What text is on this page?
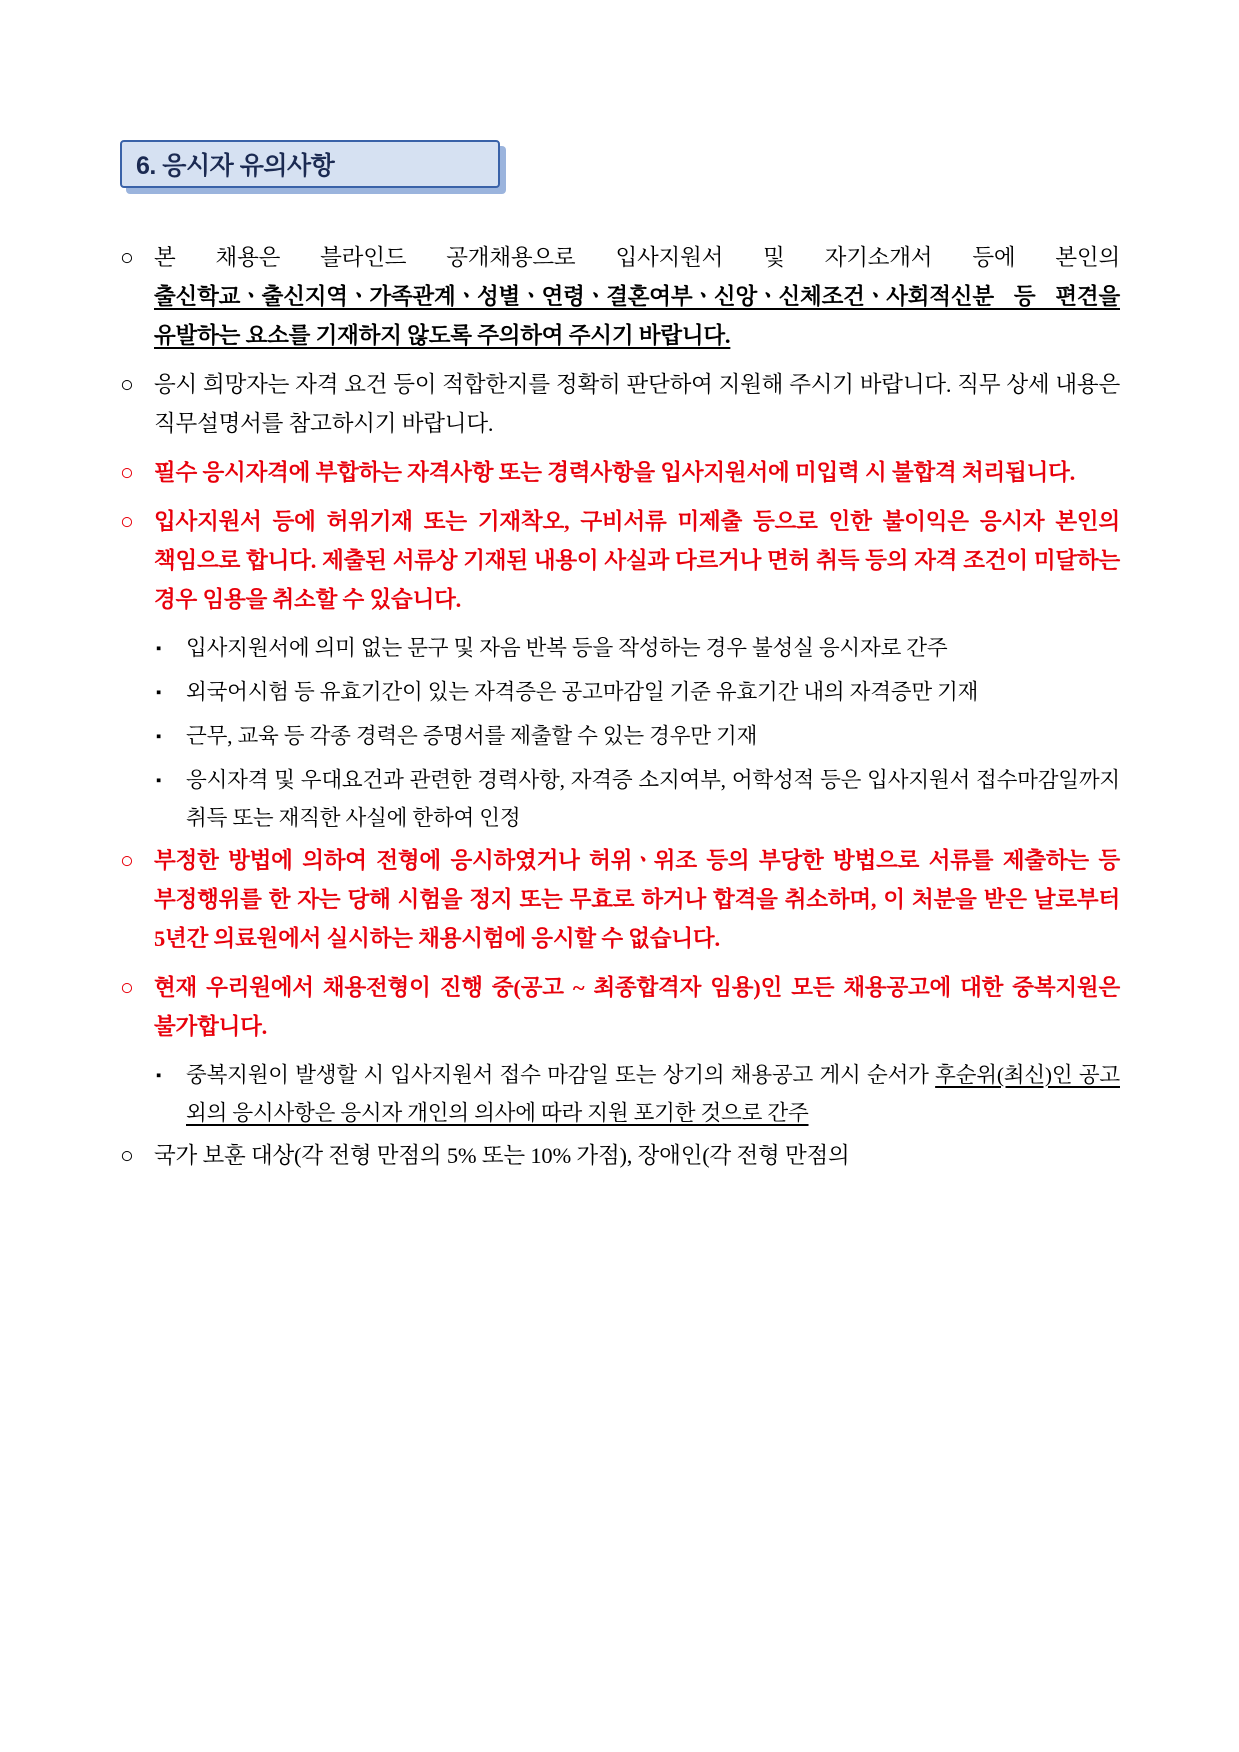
6. 응시자 유의사항
○ 본 채용은 블라인드 공개채용으로 입사지원서 및 자기소개서 등에 본인의 출신학교ㆍ출신지역ㆍ가족관계ㆍ성별ㆍ연령ㆍ결혼여부ㆍ신앙ㆍ신체조건ㆍ사회적신분 등 편견을 유발하는 요소를 기재하지 않도록 주의하여 주시기 바랍니다.
○ 응시 희망자는 자격 요건 등이 적합한지를 정확히 판단하여 지원해 주시기 바랍니다. 직무 상세 내용은 직무설명서를 참고하시기 바랍니다.
○ 필수 응시자격에 부합하는 자격사항 또는 경력사항을 입사지원서에 미입력 시 불합격 처리됩니다.
○ 입사지원서 등에 허위기재 또는 기재착오, 구비서류 미제출 등으로 인한 불이익은 응시자 본인의 책임으로 합니다. 제출된 서류상 기재된 내용이 사실과 다르거나 면허 취득 등의 자격 조건이 미달하는 경우 임용을 취소할 수 있습니다.
▪	입사지원서에 의미 없는 문구 및 자음 반복 등을 작성하는 경우 불성실 응시자로 간주
▪	외국어시험 등 유효기간이 있는 자격증은 공고마감일 기준 유효기간 내의 자격증만 기재
▪	근무, 교육 등 각종 경력은 증명서를 제출할 수 있는 경우만 기재
▪	응시자격 및 우대요건과 관련한 경력사항, 자격증 소지여부, 어학성적 등은 입사지원서 접수마감일까지 취득 또는 재직한 사실에 한하여 인정
○ 부정한 방법에 의하여 전형에 응시하였거나 허위ㆍ위조 등의 부당한 방법으로 서류를 제출하는 등 부정행위를 한 자는 당해 시험을 정지 또는 무효로 하거나 합격을 취소하며, 이 처분을 받은 날로부터 5년간 의료원에서 실시하는 채용시험에 응시할 수 없습니다.
○ 현재 우리원에서 채용전형이 진행 중(공고 ~ 최종합격자 임용)인 모든 채용공고에 대한 중복지원은 불가합니다.
▪	중복지원이 발생할 시 입사지원서 접수 마감일 또는 상기의 채용공고 게시 순서가 후순위(최신)인 공고 외의 응시사항은 응시자 개인의 의사에 따라 지원 포기한 것으로 간주
○ 국가 보훈 대상(각 전형 만점의 5% 또는 10% 가점), 장애인(각 전형 만점의
